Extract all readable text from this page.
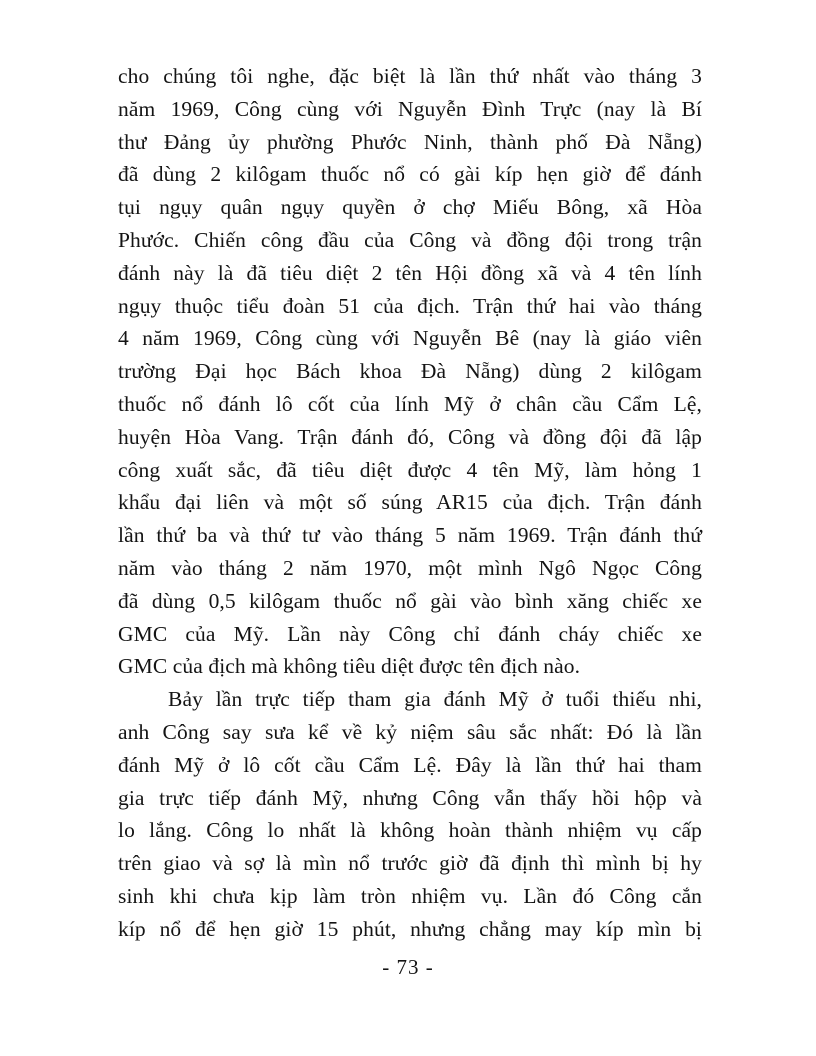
cho chúng tôi nghe, đặc biệt là lần thứ nhất vào tháng 3
năm 1969, Công cùng với Nguyễn Đình Trực (nay là Bí
thư Đảng ủy phường Phước Ninh, thành phố Đà Nẵng)
đã dùng 2 kilôgam thuốc nổ có gài kíp hẹn giờ để đánh
tụi ngụy quân ngụy quyền ở chợ Miếu Bông, xã Hòa
Phước. Chiến công đầu của Công và đồng đội trong trận
đánh này là đã tiêu diệt 2 tên Hội đồng xã và 4 tên lính
ngụy thuộc tiểu đoàn 51 của địch. Trận thứ hai vào tháng
4 năm 1969, Công cùng với Nguyễn Bê (nay là giáo viên
trường Đại học Bách khoa Đà Nẵng) dùng 2 kilôgam
thuốc nổ đánh lô cốt của lính Mỹ ở chân cầu Cẩm Lệ,
huyện Hòa Vang. Trận đánh đó, Công và đồng đội đã lập
công xuất sắc, đã tiêu diệt được 4 tên Mỹ, làm hỏng 1
khẩu đại liên và một số súng AR15 của địch. Trận đánh
lần thứ ba và thứ tư vào tháng 5 năm 1969. Trận đánh thứ
năm vào tháng 2 năm 1970, một mình Ngô Ngọc Công
đã dùng 0,5 kilôgam thuốc nổ gài vào bình xăng chiếc xe
GMC của Mỹ. Lần này Công chỉ đánh cháy chiếc xe
GMC của địch mà không tiêu diệt được tên địch nào.
Bảy lần trực tiếp tham gia đánh Mỹ ở tuổi thiếu nhi,
anh Công say sưa kể về kỷ niệm sâu sắc nhất: Đó là lần
đánh Mỹ ở lô cốt cầu Cẩm Lệ. Đây là lần thứ hai tham
gia trực tiếp đánh Mỹ, nhưng Công vẫn thấy hồi hộp và
lo lắng. Công lo nhất là không hoàn thành nhiệm vụ cấp
trên giao và sợ là mìn nổ trước giờ đã định thì mình bị hy
sinh khi chưa kịp làm tròn nhiệm vụ. Lần đó Công cắn
kíp nổ để hẹn giờ 15 phút, nhưng chẳng may kíp mìn bị
- 73 -
